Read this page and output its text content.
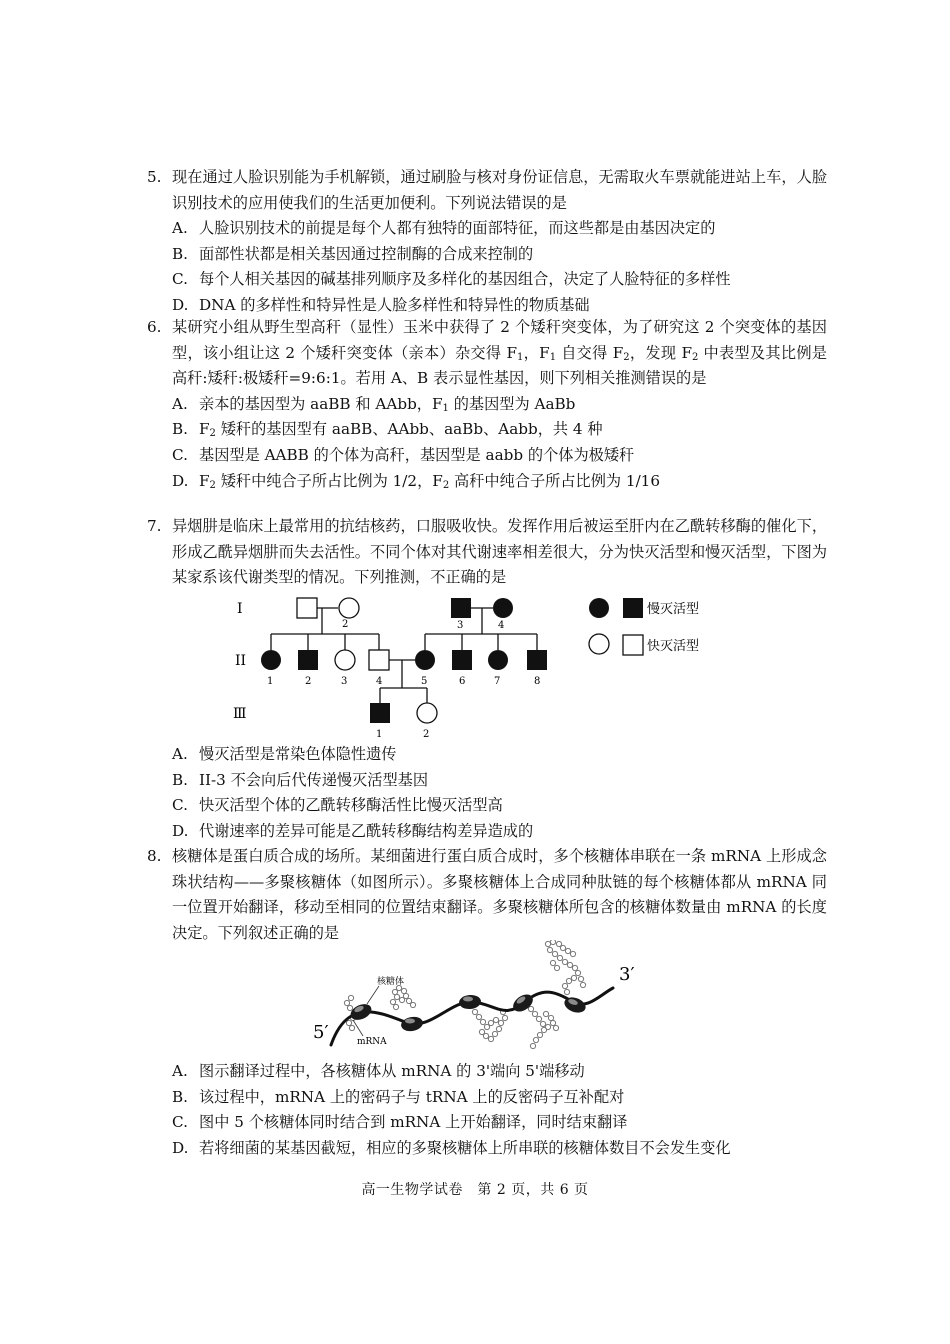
5. 现在通过人脸识别能为手机解锁，通过刷脸与核对身份证信息，无需取火车票就能进站上车，人脸识别技术的应用使我们的生活更加便利。下列说法错误的是
A. 人脸识别技术的前提是每个人都有独特的面部特征，而这些都是由基因决定的
B. 面部性状都是相关基因通过控制酶的合成来控制的
C. 每个人相关基因的碱基排列顺序及多样化的基因组合，决定了人脸特征的多样性
D. DNA 的多样性和特异性是人脸多样性和特异性的物质基础
6. 某研究小组从野生型高秆（显性）玉米中获得了 2 个矮秆突变体，为了研究这 2 个突变体的基因型，该小组让这 2 个矮秆突变体（亲本）杂交得 $F_1$，$F_1$ 自交得 $F_2$，发现 $F_2$ 中表型及其比例是高秆:矮秆:极矮秆=9:6:1。若用 A、B 表示显性基因，则下列相关推测错误的是
A. 亲本的基因型为 aaBB 和 AAbb，$F_1$ 的基因型为 AaBb
B. $F_2$ 矮秆的基因型有 aaBB、AAbb、aaBb、Aabb，共 4 种
C. 基因型是 AABB 的个体为高秆，基因型是 aabb 的个体为极矮秆
D. $F_2$ 矮秆中纯合子所占比例为 1/2，$F_2$ 高秆中纯合子所占比例为 1/16
7. 异烟肼是临床上最常用的抗结核药，口服吸收快。发挥作用后被运至肝内在乙酰转移酶的催化下，形成乙酰异烟肼而失去活性。不同个体对其代谢速率相差很大，分为快灭活型和慢灭活型，下图为某家系该代谢类型的情况。下列推测，不正确的是
I
II
Ⅲ
2	3	4
1	2	3	4	5	6	7	8
1	2
慢灭活型
快灭活型
A. 慢灭活型是常染色体隐性遗传
B. II-3 不会向后代传递慢灭活型基因
C. 快灭活型个体的乙酰转移酶活性比慢灭活型高
D. 代谢速率的差异可能是乙酰转移酶结构差异造成的
8. 核糖体是蛋白质合成的场所。某细菌进行蛋白质合成时，多个核糖体串联在一条 mRNA 上形成念珠状结构——多聚核糖体（如图所示）。多聚核糖体上合成同种肽链的每个核糖体都从 mRNA 同一位置开始翻译，移动至相同的位置结束翻译。多聚核糖体所包含的核糖体数量由 mRNA 的长度决定。下列叙述正确的是
核糖体
mRNA
5′
3′
A. 图示翻译过程中，各核糖体从 mRNA 的 3'端向 5'端移动
B. 该过程中，mRNA 上的密码子与 tRNA 上的反密码子互补配对
C. 图中 5 个核糖体同时结合到 mRNA 上开始翻译，同时结束翻译
D. 若将细菌的某基因截短，相应的多聚核糖体上所串联的核糖体数目不会发生变化
高一生物学试卷　第 2 页，共 6 页
